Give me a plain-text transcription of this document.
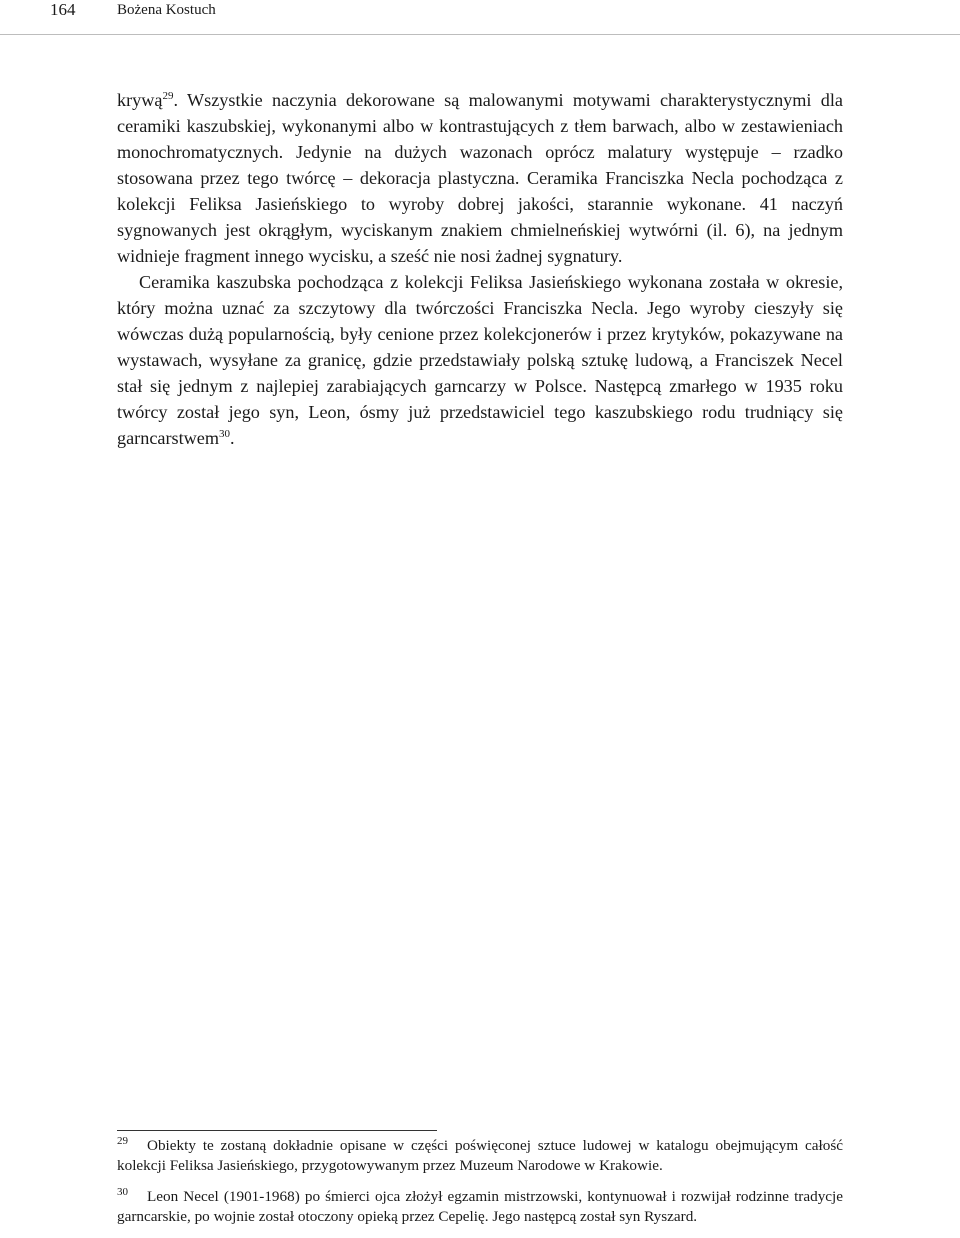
164	Bożena Kostuch

krywą$^{29}$. Wszystkie naczynia dekorowane są malowanymi motywami charakterystycznymi dla ceramiki kaszubskiej, wykonanymi albo w kontrastujących z tłem barwach, albo w zestawieniach monochromatycznych. Jedynie na dużych wazonach oprócz malatury występuje – rzadko stosowana przez tego twórcę – dekoracja plastyczna. Ceramika Franciszka Necla pochodząca z kolekcji Feliksa Jasieńskiego to wyroby dobrej jakości, starannie wykonane. 41 naczyń sygnowanych jest okrągłym, wyciskanym znakiem chmielneńskiej wytwórni (il. 6), na jednym widnieje fragment innego wycisku, a sześć nie nosi żadnej sygnatury.

Ceramika kaszubska pochodząca z kolekcji Feliksa Jasieńskiego wykonana została w okresie, który można uznać za szczytowy dla twórczości Franciszka Necla. Jego wyroby cieszyły się wówczas dużą popularnością, były cenione przez kolekcjonerów i przez krytyków, pokazywane na wystawach, wysyłane za granicę, gdzie przedstawiały polską sztukę ludową, a Franciszek Necel stał się jednym z najlepiej zarabiających garncarzy w Polsce. Następcą zmarłego w 1935 roku twórcy został jego syn, Leon, ósmy już przedstawiciel tego kaszubskiego rodu trudniący się garncarstwem$^{30}$.

29 Obiekty te zostaną dokładnie opisane w części poświęconej sztuce ludowej w katalogu obejmującym całość kolekcji Feliksa Jasieńskiego, przygotowywanym przez Muzeum Narodowe w Krakowie.

30 Leon Necel (1901-1968) po śmierci ojca złożył egzamin mistrzowski, kontynuował i rozwijał rodzinne tradycje garncarskie, po wojnie został otoczony opieką przez Cepelię. Jego następcą został syn Ryszard.
